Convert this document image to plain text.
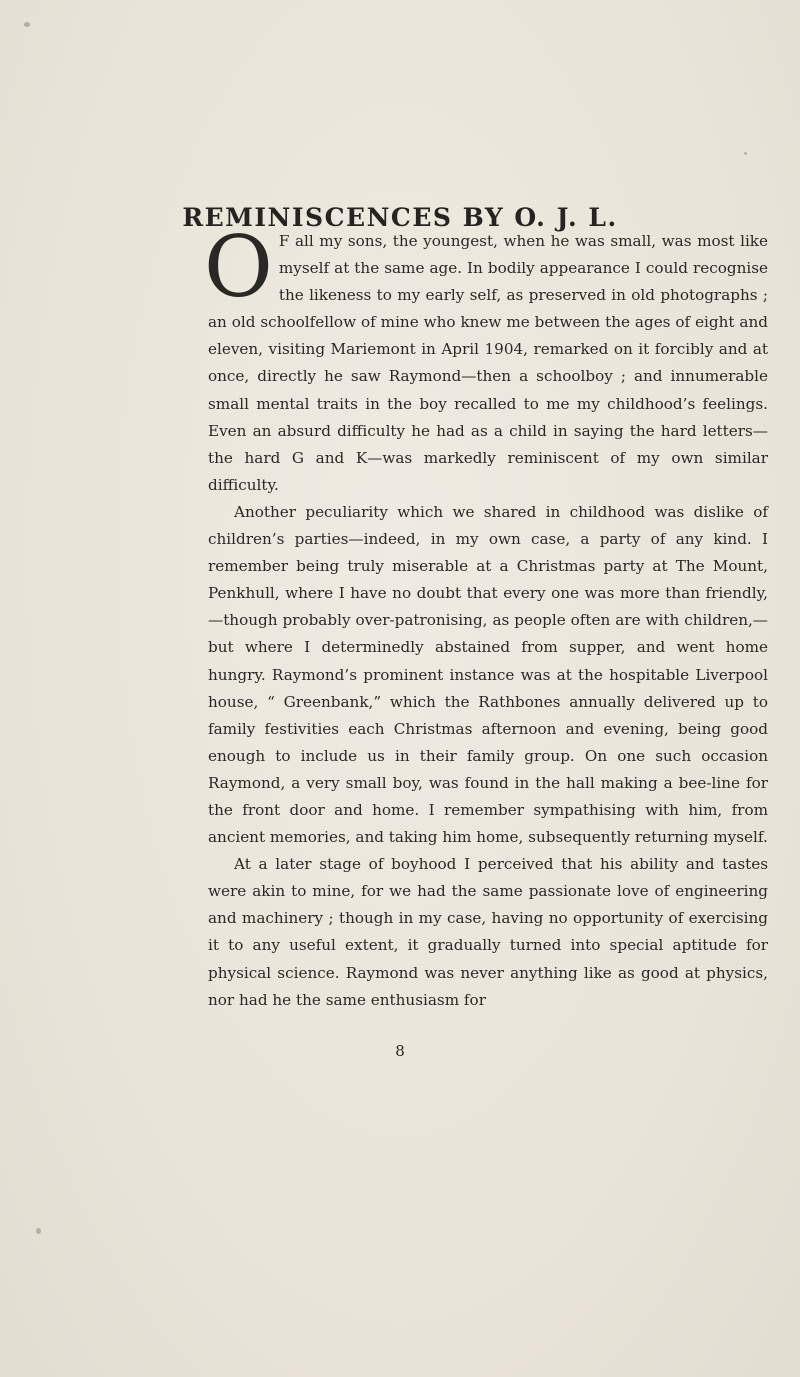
REMINISCENCES BY O. J. L.

O F all my sons, the youngest, when he was small, was most like myself at the same age. In bodily appearance I could recognise the likeness to my early self, as preserved in old photographs ; an old schoolfellow of mine who knew me between the ages of eight and eleven, visiting Mariemont in April 1904, remarked on it forcibly and at once, directly he saw Raymond—then a schoolboy ; and innumerable small mental traits in the boy recalled to me my childhood’s feelings. Even an absurd difficulty he had as a child in saying the hard letters—the hard G and K—was markedly reminiscent of my own similar difficulty.

Another peculiarity which we shared in childhood was dislike of children’s parties—indeed, in my own case, a party of any kind. I remember being truly miserable at a Christmas party at The Mount, Penkhull, where I have no doubt that every one was more than friendly,—though probably over-patronising, as people often are with children,—but where I determinedly abstained from supper, and went home hungry. Raymond’s prominent instance was at the hospitable Liverpool house, “ Greenbank,” which the Rathbones annually delivered up to family festivities each Christmas afternoon and evening, being good enough to include us in their family group. On one such occasion Raymond, a very small boy, was found in the hall making a bee-line for the front door and home. I remember sympathising with him, from ancient memories, and taking him home, subsequently returning myself.

At a later stage of boyhood I perceived that his ability and tastes were akin to mine, for we had the same passionate love of engineering and machinery ; though in my case, having no opportunity of exercising it to any useful extent, it gradually turned into special aptitude for physical science. Raymond was never anything like as good at physics, nor had he the same enthusiasm for

8
